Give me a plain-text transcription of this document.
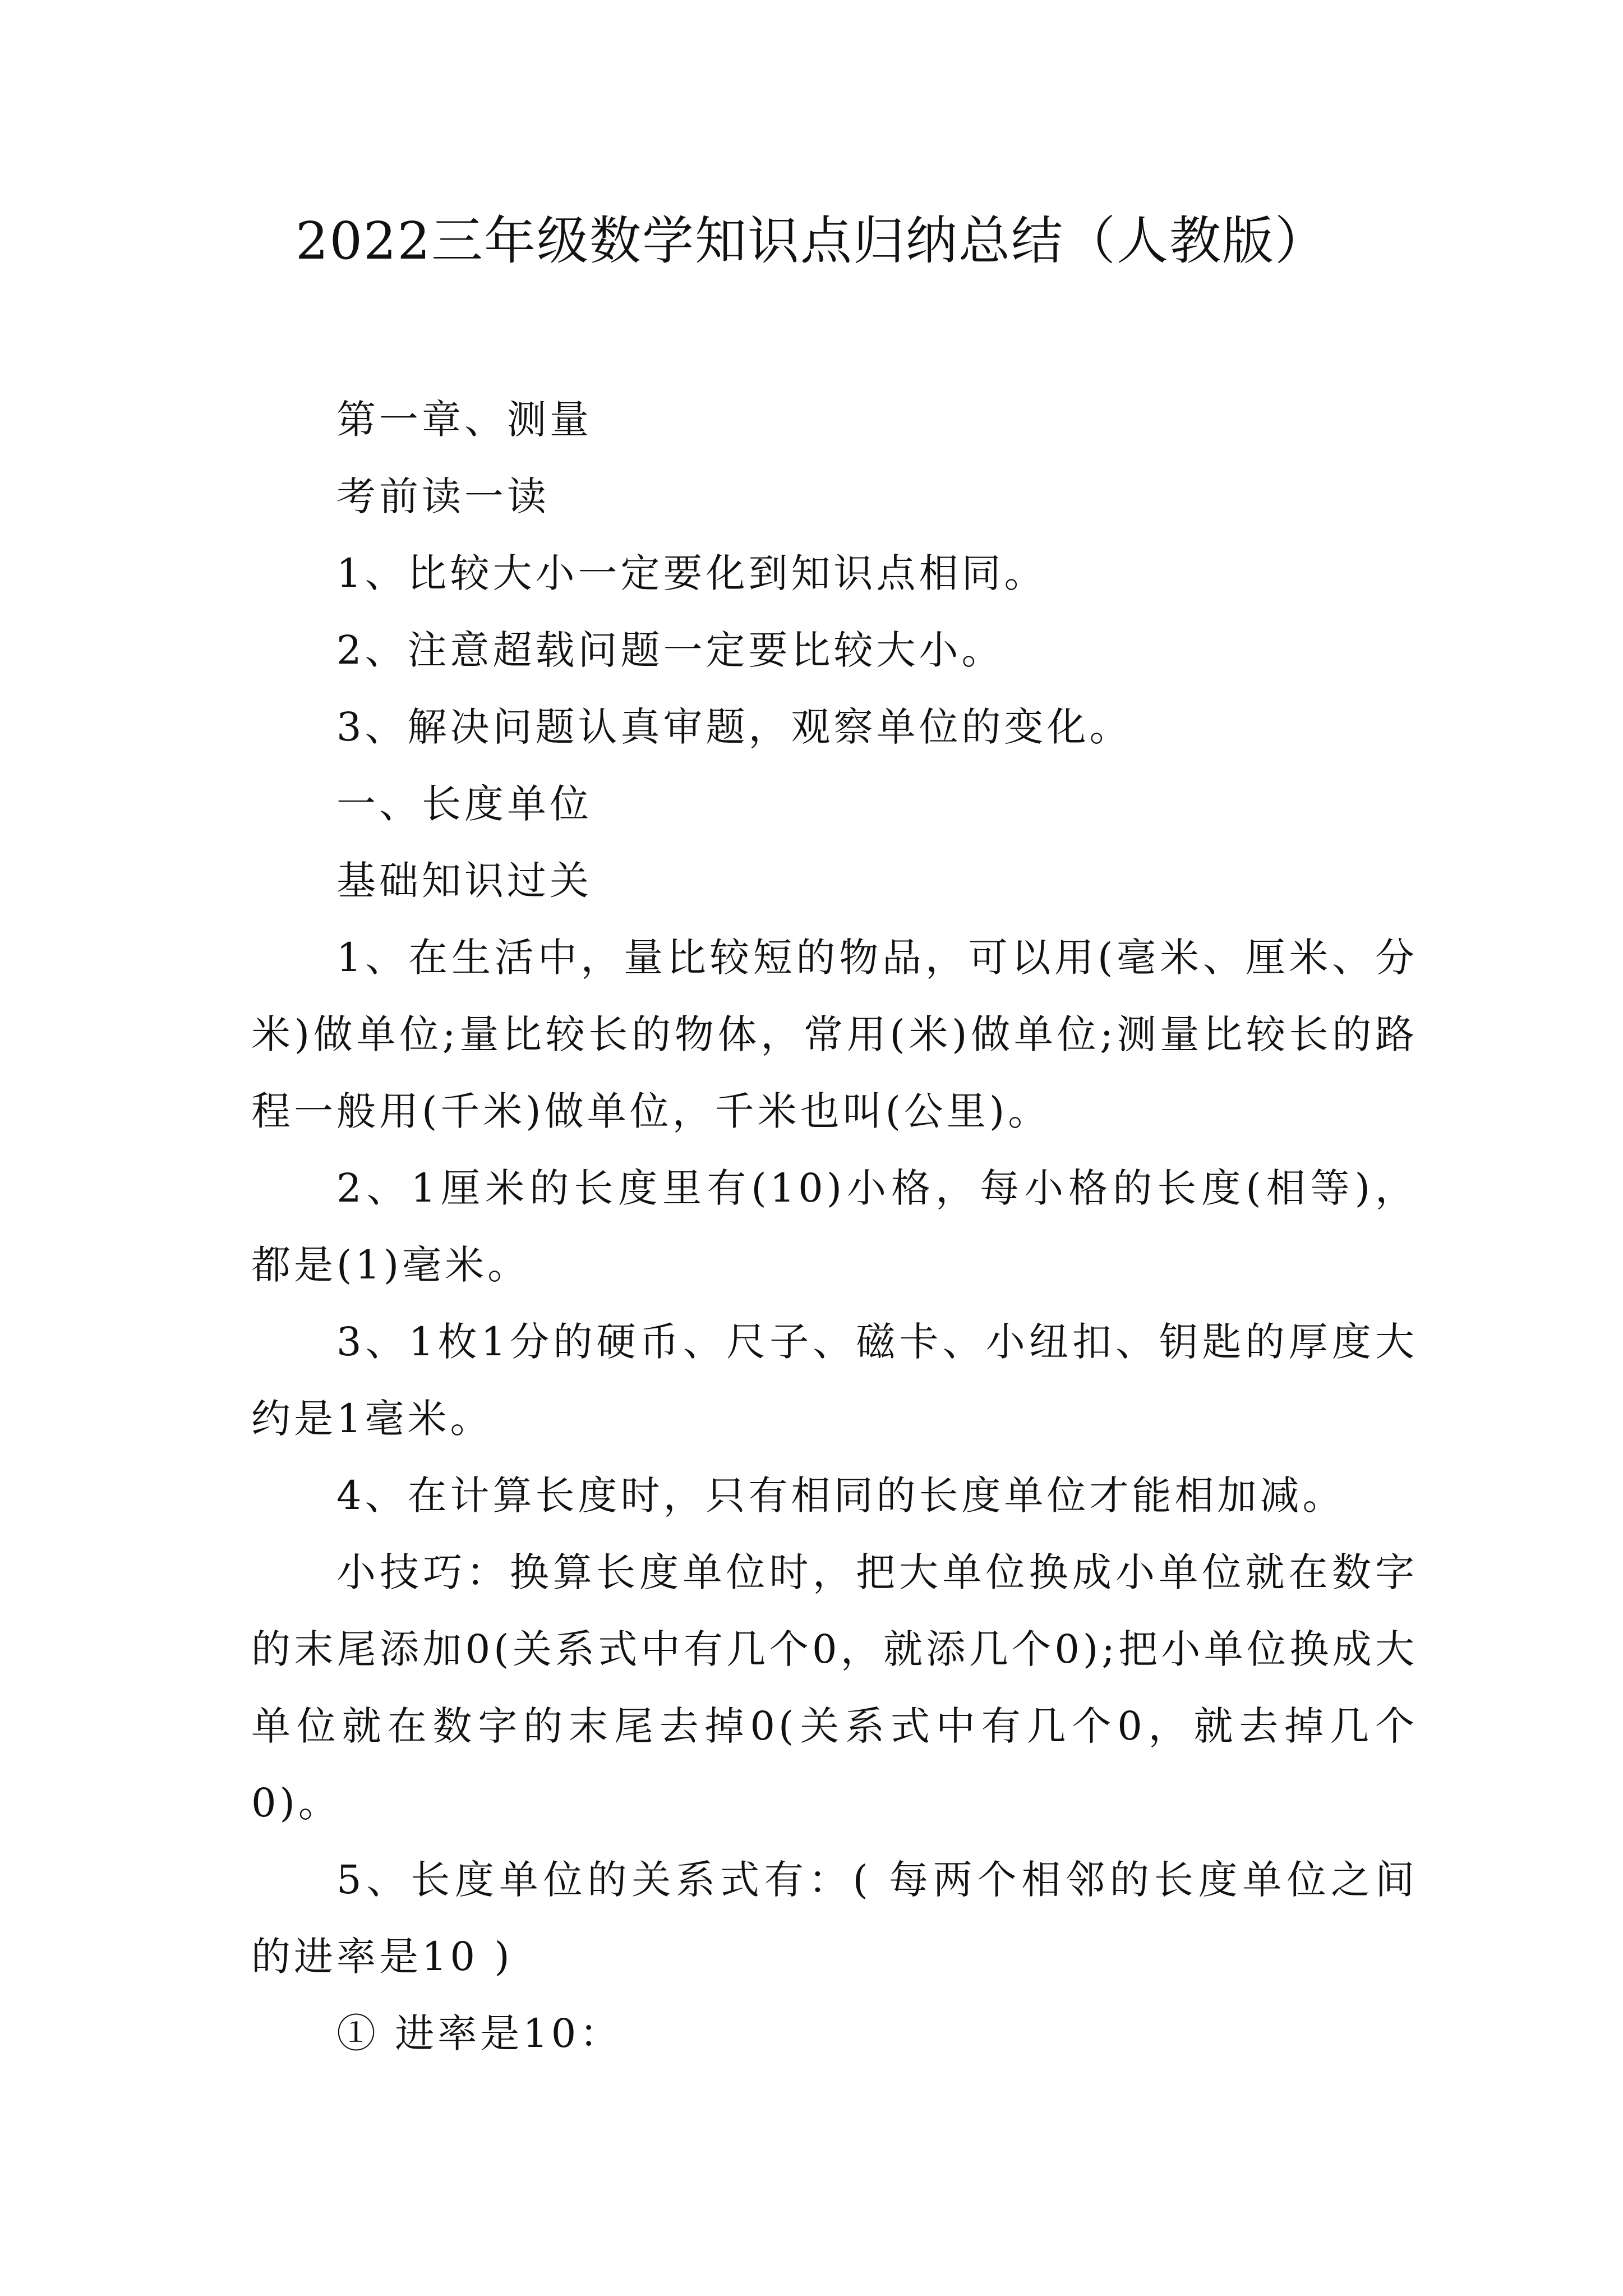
2022三年级数学知识点归纳总结（人教版）

第一章、测量

考前读一读

1、比较大小一定要化到知识点相同。

2、注意超载问题一定要比较大小。

3、解决问题认真审题，观察单位的变化。

一、长度单位

基础知识过关

1、在生活中，量比较短的物品，可以用(毫米、厘米、分米)做单位;量比较长的物体，常用(米)做单位;测量比较长的路程一般用(千米)做单位，千米也叫(公里)。

2、1厘米的长度里有(10)小格，每小格的长度(相等)，都是(1)毫米。

3、1枚1分的硬币、尺子、磁卡、小纽扣、钥匙的厚度大约是1毫米。

4、在计算长度时，只有相同的长度单位才能相加减。

小技巧：换算长度单位时，把大单位换成小单位就在数字的末尾添加0(关系式中有几个0，就添几个0);把小单位换成大单位就在数字的末尾去掉0(关系式中有几个0，就去掉几个0)。

5、长度单位的关系式有：( 每两个相邻的长度单位之间的进率是10 )

① 进率是10：
